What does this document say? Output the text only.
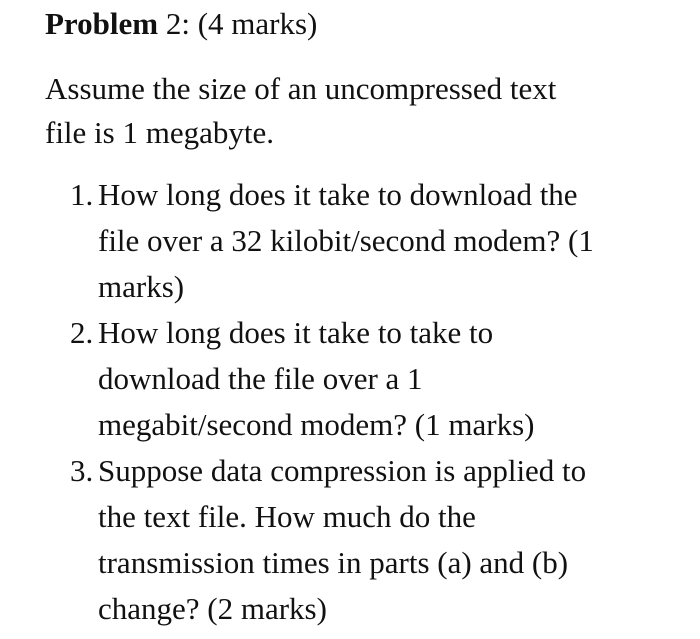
Problem 2: (4 marks)

Assume the size of an uncompressed text
file is 1 megabyte.

1. How long does it take to download the
file over a 32 kilobit/second modem? (1
marks)
2. How long does it take to take to
download the file over a 1
megabit/second modem? (1 marks)
3. Suppose data compression is applied to
the text file. How much do the
transmission times in parts (a) and (b)
change? (2 marks)
